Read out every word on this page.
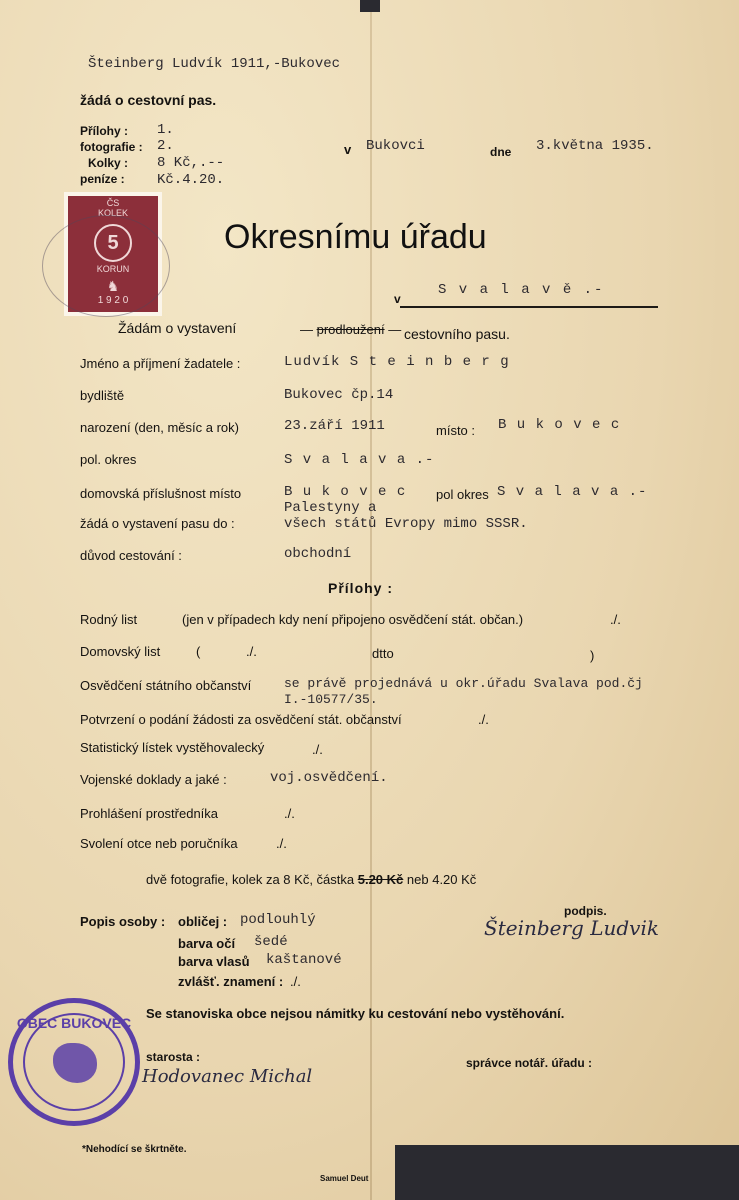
Šteinberg Ludvík 1911,-Bukovec
žádá o cestovní pas.
Přílohy : 1.
fotografie : 2.
Kolky : 8 Kč,.--
peníze : Kč.4.20.
v Bukovci	dne 3.května 1935.
ČS
KOLEK
5
KORUN
♞
1 9 2 0
Okresnímu úřadu
v
S v a l a v ě .-
Žádám o vystavení	— prodloužení — cestovního pasu.
Jméno a příjmení žadatele :	Ludvík S t e i n b e r g
bydliště	Bukovec čp.14
narození (den, měsíc a rok)	23.září 1911	místo : B u k o v e c
pol. okres	S v a l a v a .-
domovská příslušnost místo	B u k o v e c pol okres S v a l a v a .-
žádá o vystavení pasu do :
Palestyny a
všech států Evropy mimo SSSR.
důvod cestování :	obchodní
Přílohy :
Rodný list	(jen v případech kdy není připojeno osvědčení stát. občan.)	./.
Domovský list	(	./.	dtto	)
Osvědčení státního občanství	se právě projednává u okr.úřadu Svalava pod.čj
I.-10577/35.
Potvrzení o podání žádosti za osvědčení stát. občanství	./.
Statistický lístek vystěhovalecký	./.
Vojenské doklady a jaké :	voj.osvědčení.
Prohlášení prostředníka	./.
Svolení otce neb poručníka	./.
dvě fotografie, kolek za 8 Kč, částka 5.20 Kč neb 4.20 Kč
Popis osoby : obličej : podlouhlý
barva očí šedé
barva vlasů kaštanové
zvlášť. znamení : ./.
podpis.
Šteinberg Ludvik
Se stanoviska obce nejsou námitky ku cestování nebo vystěhování.
starosta :
Hodovanec Michal
správce notář. úřadu :
OBEC BUKOVEC
*Nehodící se škrtněte.
Samuel Deut
